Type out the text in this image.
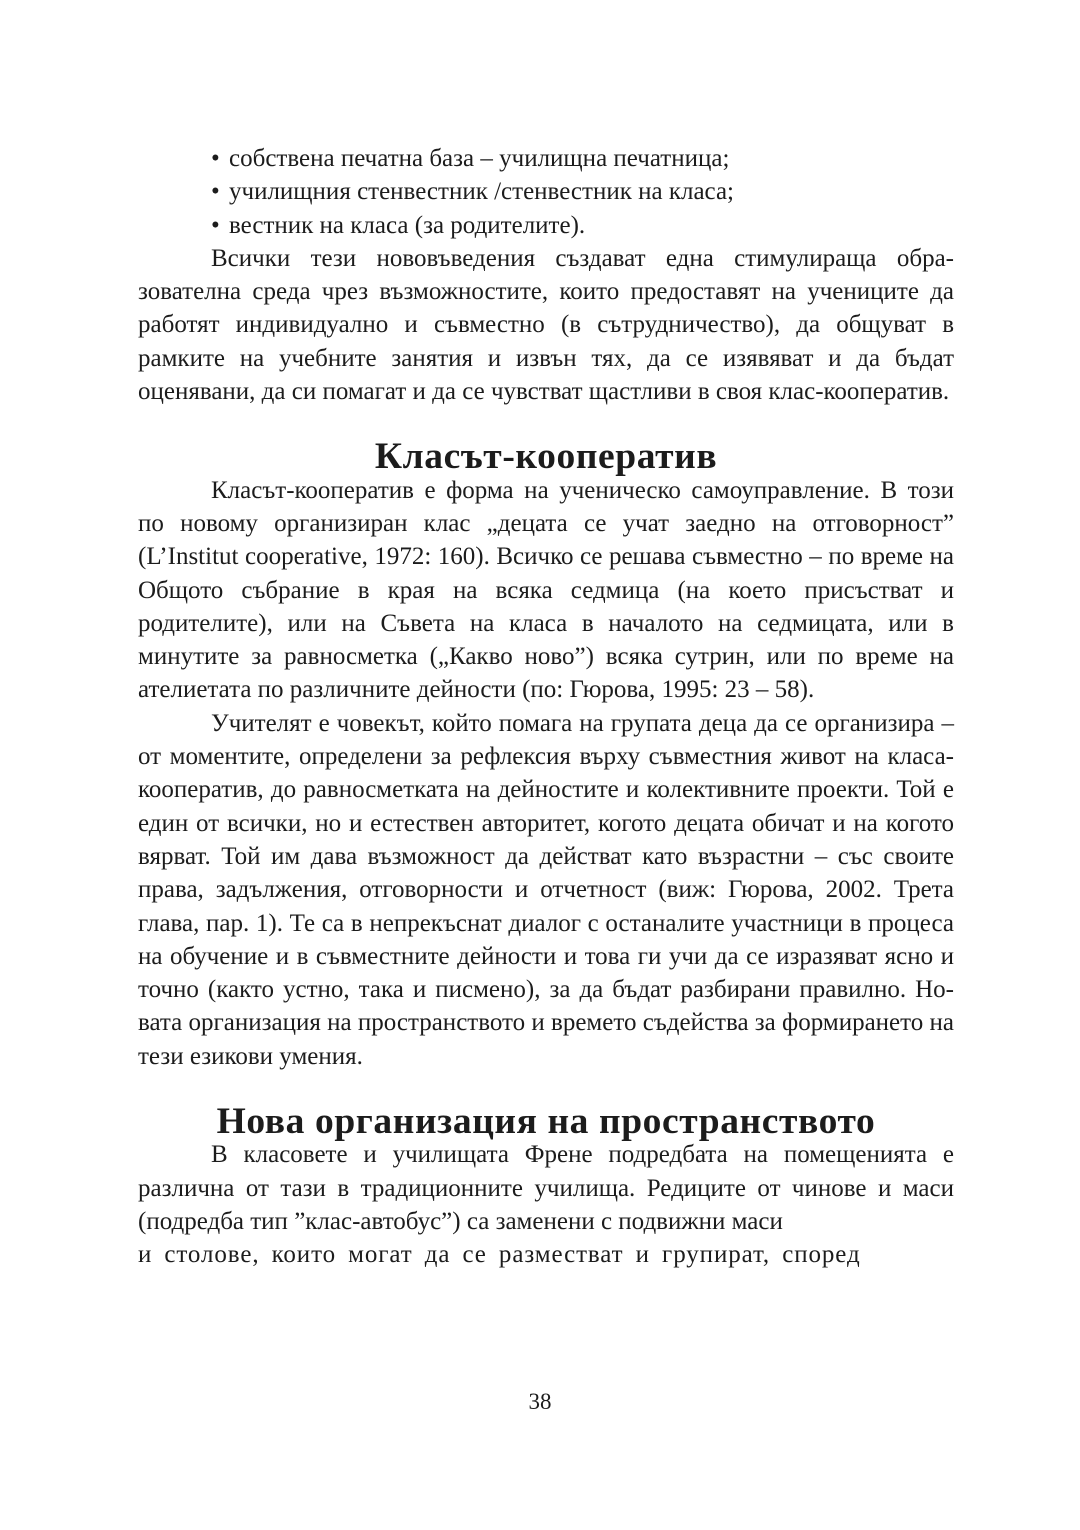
• собствена печатна база – училищна печатница;
• училищния стенвестник /стенвестник на класа;
• вестник на класа (за родителите).

Всички тези нововъведения създават една стимулираща образователна среда чрез възможностите, които предоставят на учениците да работят индивидуално и съвместно (в сътрудничество), да общуват в рамките на учебните занятия и извън тях, да се изявяват и да бъдат оценявани, да си помагат и да се чувстват щастливи в своя клас-кооператив.

Класът-кооператив

Класът-кооператив е форма на ученическо самоуправление. В този по новому организиран клас „децата се учат заедно на отговорност” (L’Institut cooperative, 1972: 160). Всичко се решава съвместно – по време на Общото събрание в края на всяка седмица (на което присъстват и родителите), или на Съвета на класа в началото на седмицата, или в минутите за равносметка („Какво ново”) всяка сутрин, или по време на ателиетата по различните дейности (по: Гюрова, 1995: 23 – 58).

Учителят е човекът, който помага на групата деца да се организира – от моментите, определени за рефлексия върху съвместния живот на класа-кооператив, до равносметката на дейностите и колективните проекти. Той е един от всички, но и естествен авторитет, когото децата обичат и на когото вярват. Той им дава възможност да действат като възрастни – със своите права, задължения, отговорности и отчетност (виж: Гюрова, 2002. Трета глава, пар. 1). Те са в непрекъснат диалог с останалите участници в процеса на обучение и в съвместните дейности и това ги учи да се изразяват ясно и точно (както устно, така и писмено), за да бъдат разбирани правилно. Новата организация на пространството и времето съдейства за формирането на тези езикови умения.

Нова организация на пространството

В класовете и училищата Френе подредбата на помещенията е различна от тази в традиционните училища. Редиците от чинове и маси (подредба тип ”клас-автобус”) са заменени с подвижни маси

и столове, които могат да се разместват и групират, според
38
